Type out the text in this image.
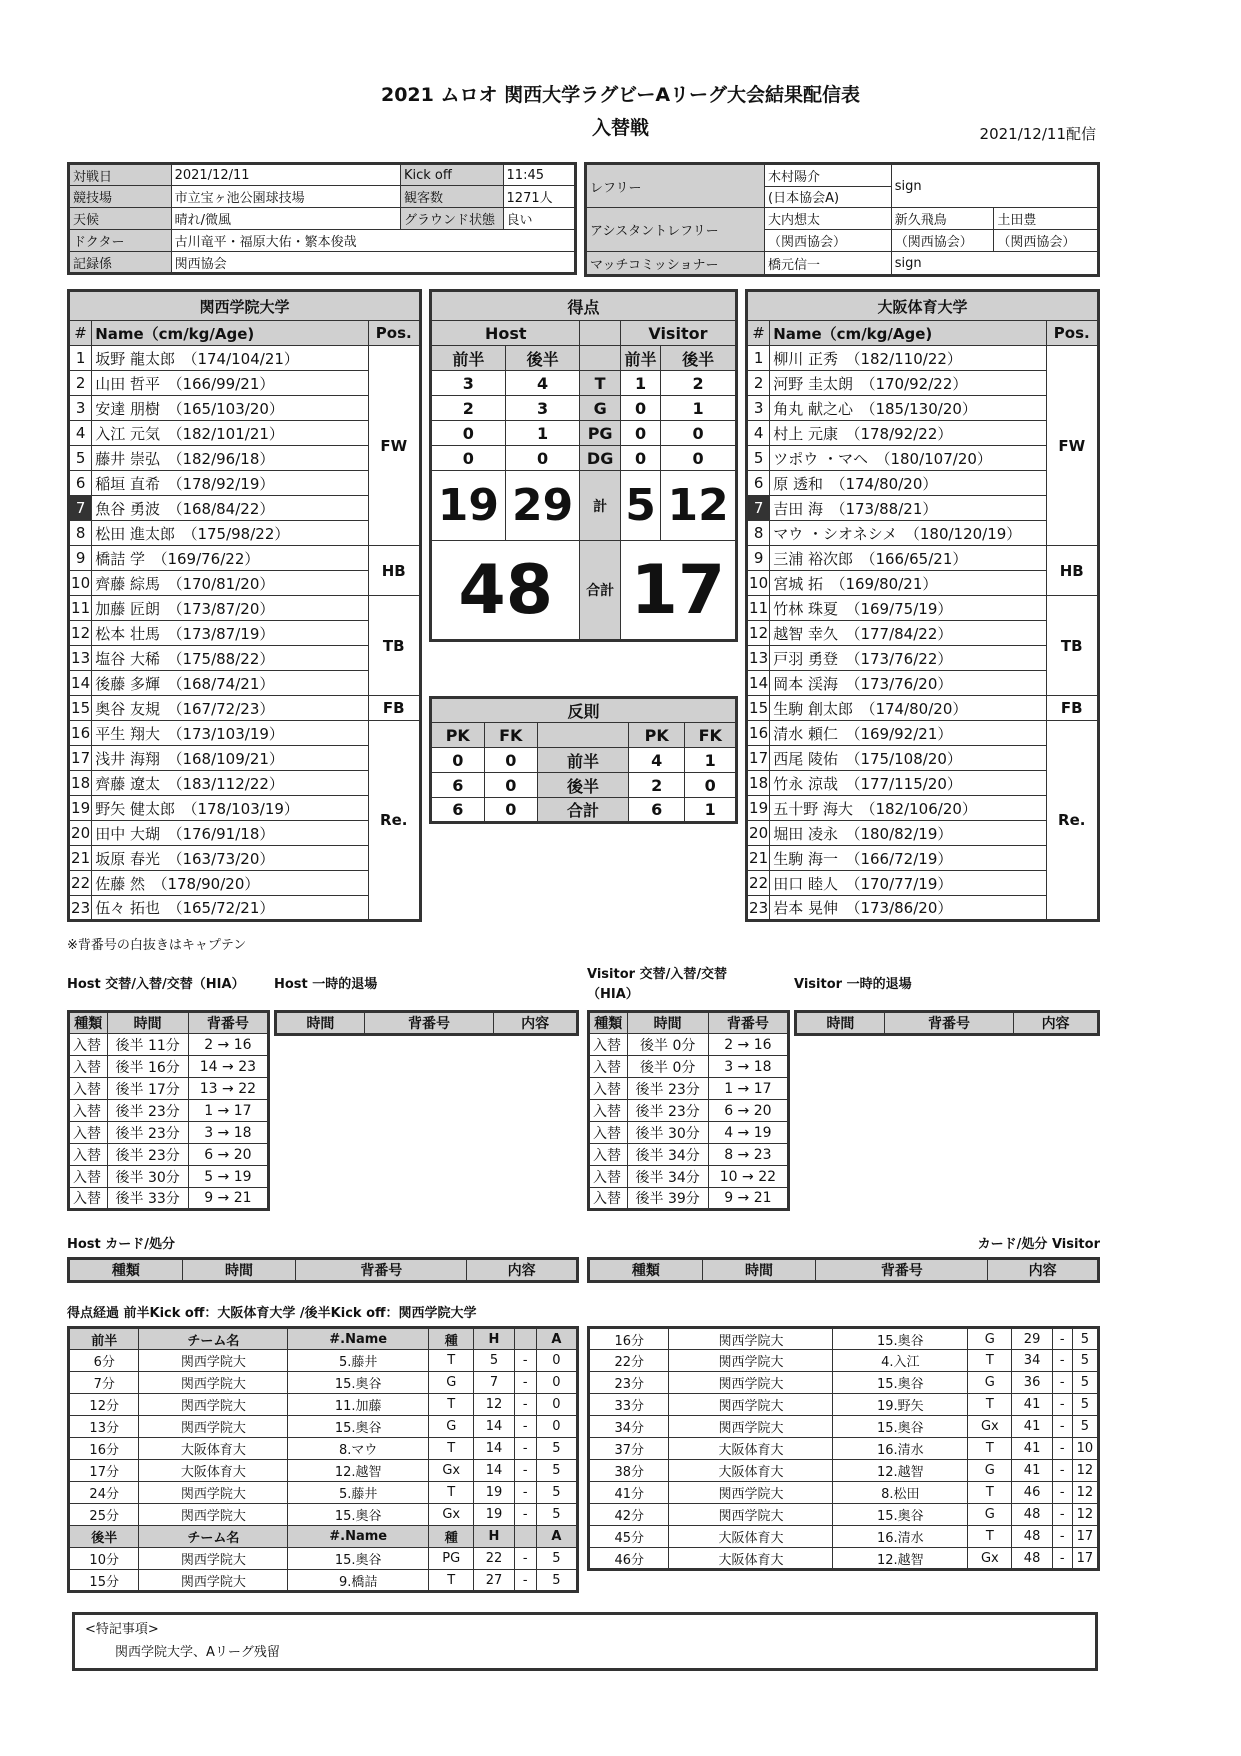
2021 ムロオ 関西大学ラグビーAリーグ大会結果配信表
入替戦	2021/12/11配信
対戦日	2021/12/11	Kick off	11:45
競技場	市立宝ヶ池公園球技場	観客数	1271人
天候	晴れ/微風	グラウンド状態	良い
ドクター	古川竜平・福原大佑・繁本俊哉		
記録係	関西協会		
レフリー	木村陽介	sign	
	(日本協会A)		
アシスタントレフリー	大内想太	新久飛鳥	土田豊
	（関西協会）	（関西協会）	（関西協会）
マッチコミッショナー	橋元信一	sign	
関西学院大学		
#	Name（cm/kg/Age)	Pos.
1	坂野 龍太郎　（174/104/21）	FW
2	山田 哲平　（166/99/21）	
3	安達 朋樹　（165/103/20）	
4	入江 元気　（182/101/21）	
5	藤井 崇弘　（182/96/18）	
6	稲垣 直希　（178/92/19）	
7	魚谷 勇波　（168/84/22）	
8	松田 進太郎　（175/98/22）	
9	橋詰 学　（169/76/22）	HB
10	齊藤 綜馬　（170/81/20）	
11	加藤 匠朗　（173/87/20）	TB
12	松本 壮馬　（173/87/19）	
13	塩谷 大稀　（175/88/22）	
14	後藤 多輝　（168/74/21）	
15	奥谷 友規　（167/72/23）	FB
16	平生 翔大　（173/103/19）	Re.
17	浅井 海翔　（168/109/21）	
18	齊藤 遼太　（183/112/22）	
19	野矢 健太郎　（178/103/19）	
20	田中 大瑚　（176/91/18）	
21	坂原 春光　（163/73/20）	
22	佐藤 然　（178/90/20）	
23	伍々 拓也　（165/72/21）	
大阪体育大学		
#	Name（cm/kg/Age)	Pos.
1	柳川 正秀　（182/110/22）	FW
2	河野 圭太朗　（170/92/22）	
3	角丸 献之心　（185/130/20）	
4	村上 元康　（178/92/22）	
5	ツポウ ・マヘ　（180/107/20）	
6	原 透和　（174/80/20）	
7	吉田 海　（173/88/21）	
8	マウ ・シオネシメ　（180/120/19）	
9	三浦 裕次郎　（166/65/21）	HB
10	宮城 拓　（169/80/21）	
11	竹林 珠夏　（169/75/19）	TB
12	越智 幸久　（177/84/22）	
13	戸羽 勇登　（173/76/22）	
14	岡本 渓海　（173/76/20）	
15	生駒 創太郎　（174/80/20）	FB
16	清水 頼仁　（169/92/21）	Re.
17	西尾 陵佑　（175/108/20）	
18	竹永 涼哉　（177/115/20）	
19	五十野 海大　（182/106/20）	
20	堀田 凌永　（180/82/19）	
21	生駒 海一　（166/72/19）	
22	田口 睦人　（170/77/19）	
23	岩本 晃伸　（173/86/20）	
得点				
Host			Visitor	
前半	後半		前半	後半
3	4	T	1	2
2	3	G	0	1
0	1	PG	0	0
0	0	DG	0	0
19	29	計	5	12
48		合計	17	
反則				
PK	FK		PK	FK
0	0	前半	4	1
6	0	後半	2	0
6	0	合計	6	1
※背番号の白抜きはキャプテン
Host 交替/入替/交替（HIA） Host 一時的退場
Visitor 交替/入替/交替
（HIA）
Visitor 一時的退場
種類	時間	背番号
入替	後半 11分	2 → 16
入替	後半 16分	14 → 23
入替	後半 17分	13 → 22
入替	後半 23分	1 → 17
入替	後半 23分	3 → 18
入替	後半 23分	6 → 20
入替	後半 30分	5 → 19
入替	後半 33分	9 → 21
時間	背番号	内容	種類	時間	背番号
入替	後半 0分	2 → 16
入替	後半 0分	3 → 18
入替	後半 23分	1 → 17
入替	後半 23分	6 → 20
入替	後半 30分	4 → 19
入替	後半 34分	8 → 23
入替	後半 34分	10 → 22
入替	後半 39分	9 → 21
時間	背番号	内容
Host カード/処分	カード/処分 Visitor
種類	時間	背番号	内容	種類	時間	背番号	内容
得点経過 前半Kick off：大阪体育大学 /後半Kick off：関西学院大学
前半	チーム名	#.Name	種	H		A
6分	関西学院大	5.藤井	T	5	-	0
7分	関西学院大	15.奥谷	G	7	-	0
12分	関西学院大	11.加藤	T	12	-	0
13分	関西学院大	15.奥谷	G	14	-	0
16分	大阪体育大	8.マウ	T	14	-	5
17分	大阪体育大	12.越智	Gx	14	-	5
24分	関西学院大	5.藤井	T	19	-	5
25分	関西学院大	15.奥谷	Gx	19	-	5
後半	チーム名	#.Name	種	H		A
10分	関西学院大	15.奥谷	PG	22	-	5
15分	関西学院大	9.橋詰	T	27	-	5
16分	関西学院大	15.奥谷	G	29	-	5
22分	関西学院大	4.入江	T	34	-	5
23分	関西学院大	15.奥谷	G	36	-	5
33分	関西学院大	19.野矢	T	41	-	5
34分	関西学院大	15.奥谷	Gx	41	-	5
37分	大阪体育大	16.清水	T	41	-	10
38分	大阪体育大	12.越智	G	41	-	12
41分	関西学院大	8.松田	T	46	-	12
42分	関西学院大	15.奥谷	G	48	-	12
45分	大阪体育大	16.清水	T	48	-	17
46分	大阪体育大	12.越智	Gx	48	-	17
<特記事項>
関西学院大学、Aリーグ残留
